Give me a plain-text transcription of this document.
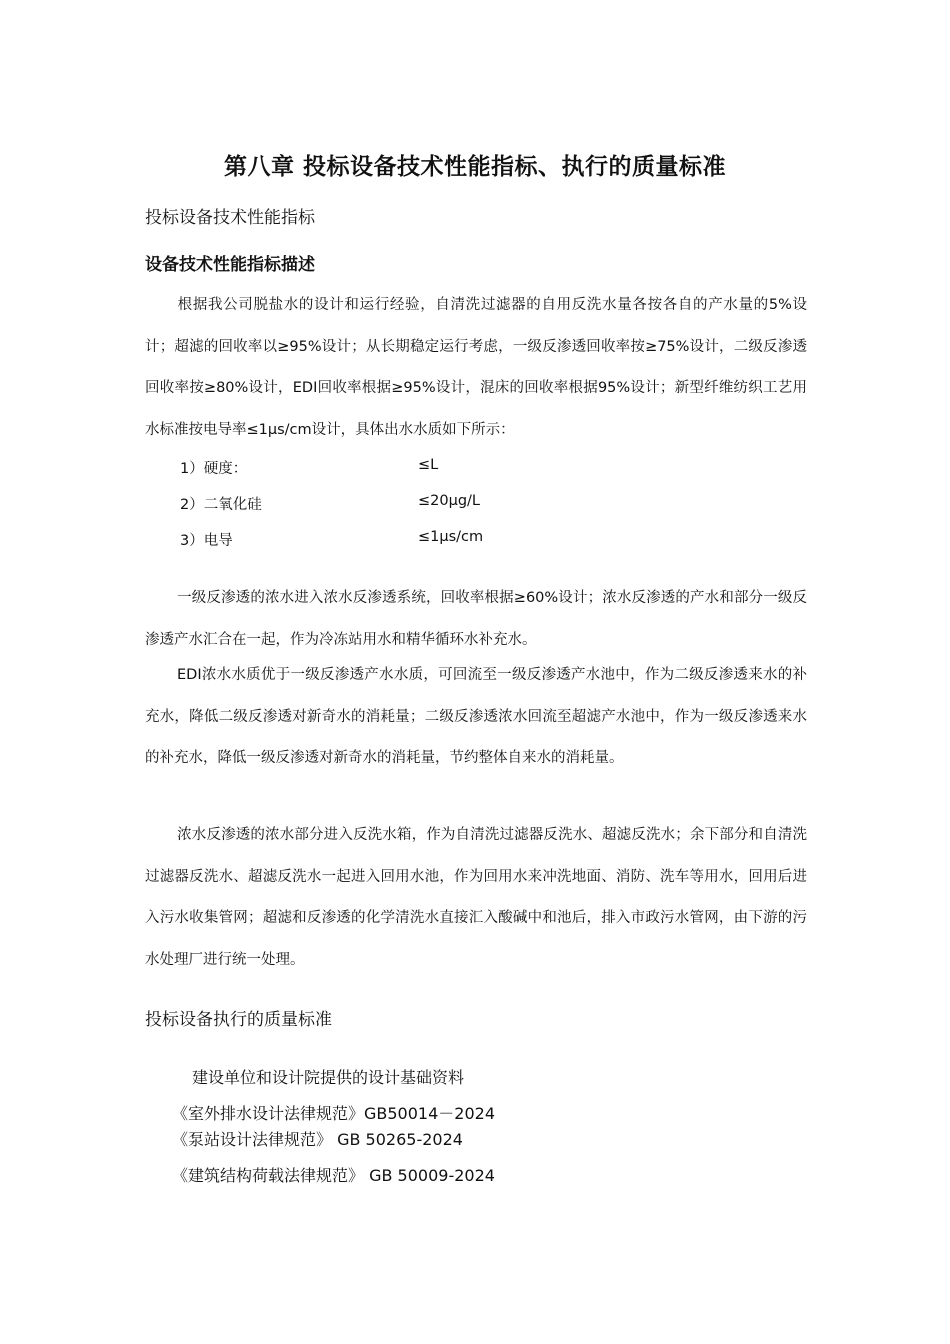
第八章 投标设备技术性能指标、执行的质量标准
投标设备技术性能指标
设备技术性能指标描述
根据我公司脱盐水的设计和运行经验，自清洗过滤器的自用反洗水量各按各自的产水量的5%设计；超滤的回收率以≥95%设计；从长期稳定运行考虑，一级反渗透回收率按≥75%设计，二级反渗透回收率按≥80%设计，EDI回收率根据≥95%设计，混床的回收率根据95%设计；新型纤维纺织工艺用水标准按电导率≤1μs/cm设计，具体出水水质如下所示：
1）硬度：	≤L
2）二氧化硅	≤20μg/L
3）电导	≤1μs/cm
一级反渗透的浓水进入浓水反渗透系统，回收率根据≥60%设计；浓水反渗透的产水和部分一级反渗透产水汇合在一起，作为冷冻站用水和精华循环水补充水。
EDI浓水水质优于一级反渗透产水水质，可回流至一级反渗透产水池中，作为二级反渗透来水的补充水，降低二级反渗透对新奇水的消耗量；二级反渗透浓水回流至超滤产水池中，作为一级反渗透来水的补充水，降低一级反渗透对新奇水的消耗量，节约整体自来水的消耗量。
浓水反渗透的浓水部分进入反洗水箱，作为自清洗过滤器反洗水、超滤反洗水；余下部分和自清洗过滤器反洗水、超滤反洗水一起进入回用水池，作为回用水来冲洗地面、消防、洗车等用水，回用后进入污水收集管网；超滤和反渗透的化学清洗水直接汇入酸碱中和池后，排入市政污水管网，由下游的污水处理厂进行统一处理。
投标设备执行的质量标准
建设单位和设计院提供的设计基础资料
《室外排水设计法律规范》GB50014－2024
《泵站设计法律规范》 GB 50265-2024
《建筑结构荷载法律规范》 GB 50009-2024
